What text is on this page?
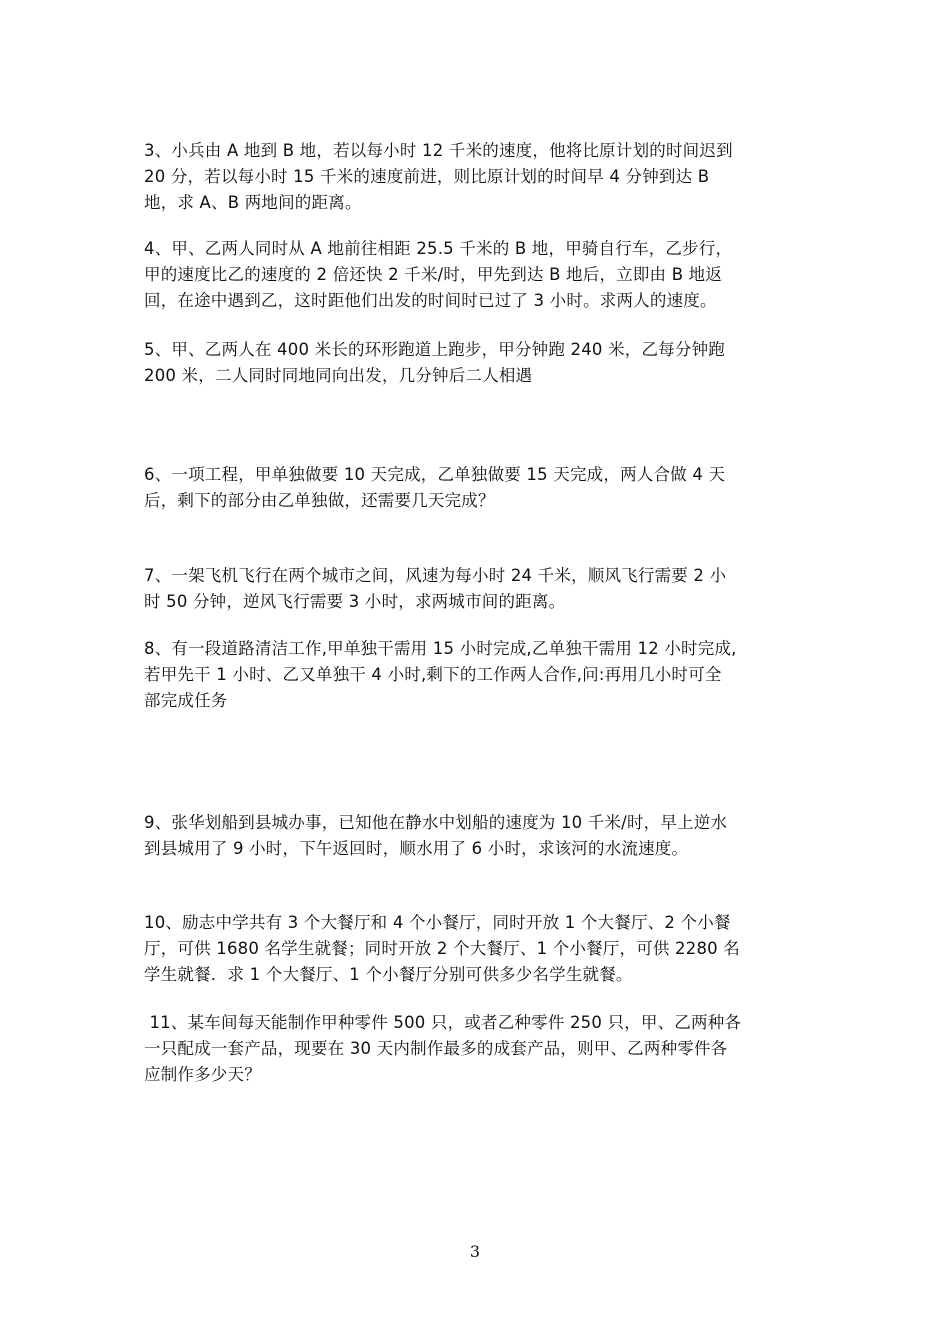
3、小兵由 A 地到 B 地，若以每小时 12 千米的速度，他将比原计划的时间迟到
20 分，若以每小时 15 千米的速度前进，则比原计划的时间早 4 分钟到达 B
地，求 A、B 两地间的距离。
4、甲、乙两人同时从 A 地前往相距 25.5 千米的 B 地，甲骑自行车，乙步行，
甲的速度比乙的速度的 2 倍还快 2 千米/时，甲先到达 B 地后，立即由 B 地返
回，在途中遇到乙，这时距他们出发的时间时已过了 3 小时。求两人的速度。
5、甲、乙两人在 400 米长的环形跑道上跑步，甲分钟跑 240 米，乙每分钟跑
200 米，二人同时同地同向出发，几分钟后二人相遇
6、一项工程，甲单独做要 10 天完成，乙单独做要 15 天完成，两人合做 4 天
后，剩下的部分由乙单独做，还需要几天完成？
7、一架飞机飞行在两个城市之间，风速为每小时 24 千米，顺风飞行需要 2 小
时 50 分钟，逆风飞行需要 3 小时，求两城市间的距离。
8、有一段道路清洁工作,甲单独干需用 15 小时完成,乙单独干需用 12 小时完成,
若甲先干 1 小时、乙又单独干 4 小时,剩下的工作两人合作,问:再用几小时可全
部完成任务
9、张华划船到县城办事，已知他在静水中划船的速度为 10 千米/时，早上逆水
到县城用了 9 小时，下午返回时，顺水用了 6 小时，求该河的水流速度。
10、励志中学共有 3 个大餐厅和 4 个小餐厅，同时开放 1 个大餐厅、2 个小餐
厅，可供 1680 名学生就餐；同时开放 2 个大餐厅、1 个小餐厅，可供 2280 名
学生就餐．求 1 个大餐厅、1 个小餐厅分别可供多少名学生就餐。
11、某车间每天能制作甲种零件 500 只，或者乙种零件 250 只，甲、乙两种各
一只配成一套产品，现要在 30 天内制作最多的成套产品，则甲、乙两种零件各
应制作多少天？
3
